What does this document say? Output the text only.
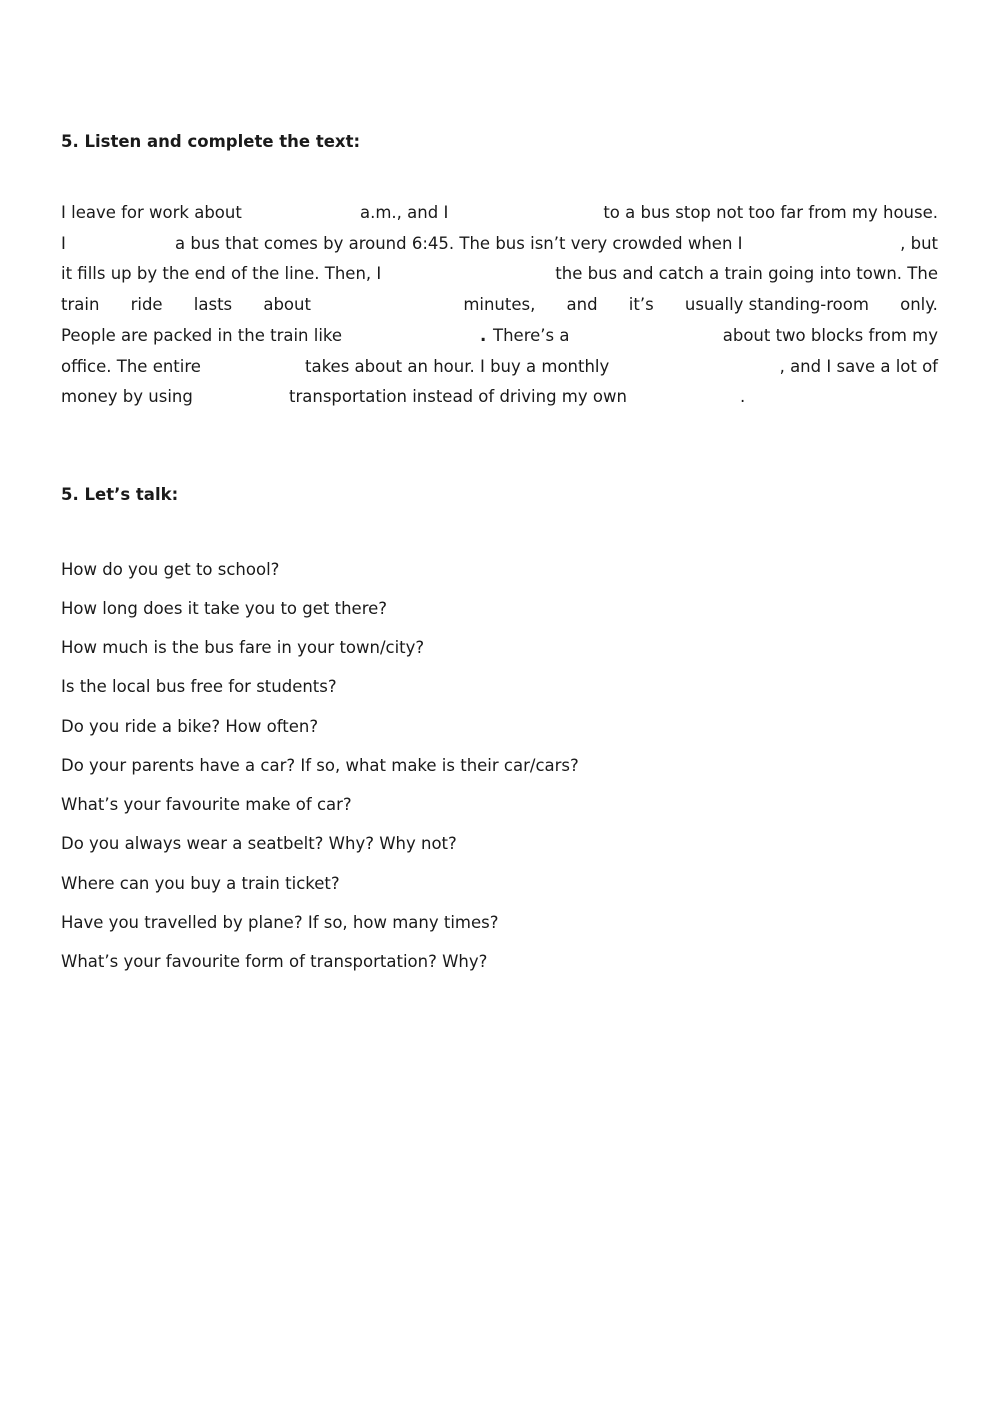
5. Listen and complete the text:
I leave for work about	a.m., and I	to a bus stop not too far from my house.
I	a bus that comes by around 6:45. The bus isn’t very crowded when I	, but
it fills up by the end of the line. Then, I	the bus and catch a train going into town. The
train ride lasts about	minutes, and it’s usually standing-room only.
People are packed in the train like	. There’s a	about two blocks from my
office. The entire	takes about an hour. I buy a monthly	, and I save a lot of
money by using	transportation instead of driving my own	.
5. Let’s talk:

How do you get to school?

How long does it take you to get there?

How much is the bus fare in your town/city?

Is the local bus free for students?

Do you ride a bike? How often?

Do your parents have a car? If so, what make is their car/cars?

What’s your favourite make of car?

Do you always wear a seatbelt? Why? Why not?

Where can you buy a train ticket?

Have you travelled by plane? If so, how many times?

What’s your favourite form of transportation? Why?
